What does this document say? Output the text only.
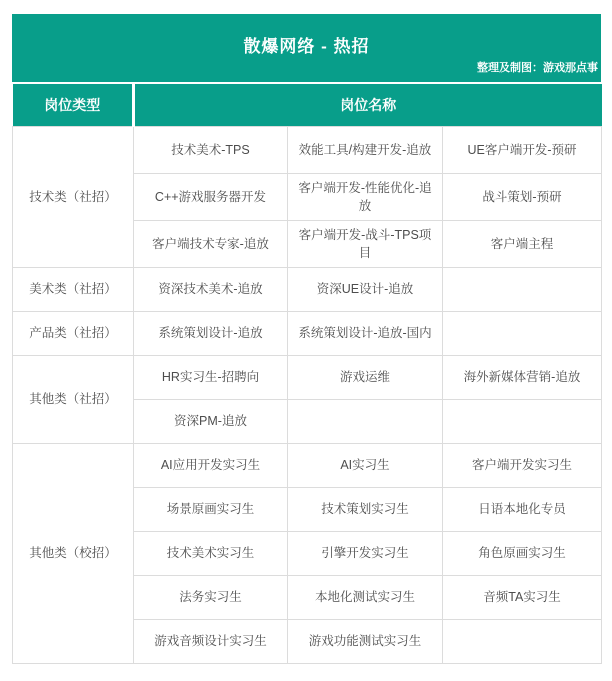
散爆网络 - 热招
整理及制图：游戏那点事
岗位类型	岗位名称		
技术类（社招）	技术美术-TPS	效能工具/构建开发-追放	UE客户端开发-预研
	C++游戏服务器开发	客户端开发-性能优化-追放	战斗策划-预研
	客户端技术专家-追放	客户端开发-战斗-TPS项目	客户端主程
美术类（社招）	资深技术美术-追放	资深UE设计-追放	
产品类（社招）	系统策划设计-追放	系统策划设计-追放-国内	
其他类（社招）	HR实习生-招聘向	游戏运维	海外新媒体营销-追放
	资深PM-追放		
其他类（校招）	AI应用开发实习生	AI实习生	客户端开发实习生
	场景原画实习生	技术策划实习生	日语本地化专员
	技术美术实习生	引擎开发实习生	角色原画实习生
	法务实习生	本地化测试实习生	音频TA实习生
	游戏音频设计实习生	游戏功能测试实习生	
